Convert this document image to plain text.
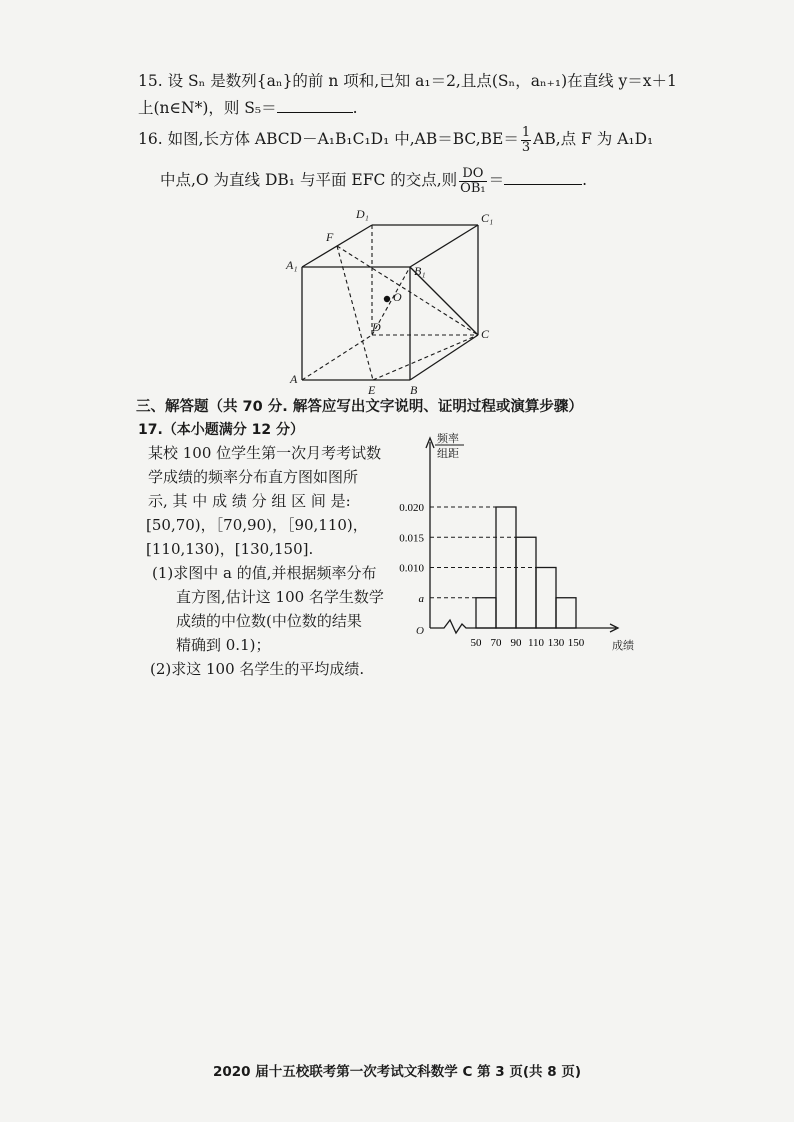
15. 设 Sₙ 是数列{aₙ}的前 n 项和,已知 a₁＝2,且点(Sₙ，aₙ₊₁)在直线 y＝x＋1
上(n∈N*)，则 S₅＝	.
16. 如图,长方体 ABCD－A₁B₁C₁D₁ 中$,AB=BC,BE= \frac{1}{3}$ AB,点 F 为 A₁D₁
中点,O 为直线 DB₁ 与平面 EFC 的交点,则 $\frac{DO}{\text{OB₁}}$ ＝	.
D₁	C₁
F
A₁	B₁
O
D	C
A
E	B
三、解答题（共 70 分. 解答应写出文字说明、证明过程或演算步骤）
17.（本小题满分 12 分）
某校 100 位学生第一次月考考试数
学成绩的频率分布直方图如图所
示, 其 中 成 绩 分 组 区 间 是:
[50,70)，［70,90)，［90,110)，
[110,130)，[130,150].
(1)求图中 a 的值,并根据频率分布
直方图,估计这 100 名学生数学
成绩的中位数(中位数的结果
精确到 0.1)；
(2)求这 100 名学生的平均成绩.
0.020
0.015
0.010
a
50 70 90 110 130 150
频率
组距
O
成绩
2020 届十五校联考第一次考试文科数学 C 第 3 页(共 8 页)
